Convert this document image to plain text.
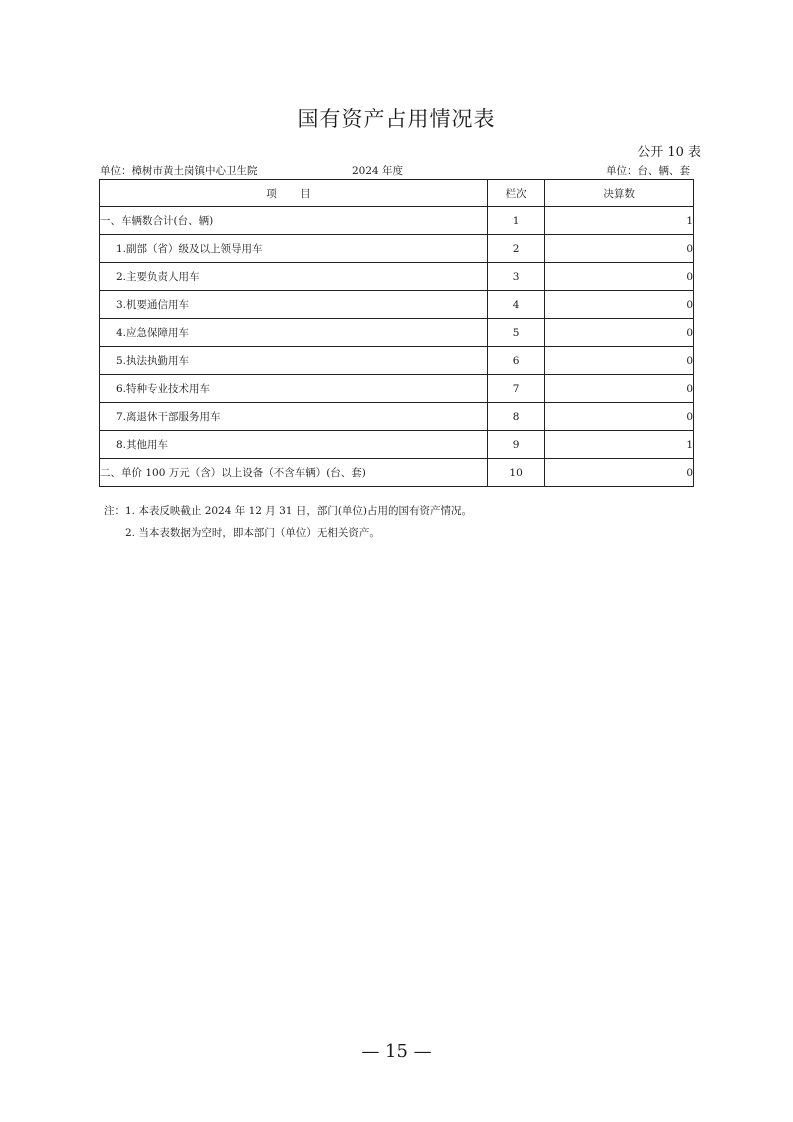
国有资产占用情况表
公开 10 表
单位：樟树市黄土岗镇中心卫生院	2024 年度	单位：台、辆、套
项 目	栏次	决算数
一、车辆数合计(台、辆)	1	1
1.副部（省）级及以上领导用车	2	0
2.主要负责人用车	3	0
3.机要通信用车	4	0
4.应急保障用车	5	0
5.执法执勤用车	6	0
6.特种专业技术用车	7	0
7.离退休干部服务用车	8	0
8.其他用车	9	1
二、单价 100 万元（含）以上设备（不含车辆）(台、套)	10	0
注：1. 本表反映截止 2024 年 12 月 31 日，部门(单位)占用的国有资产情况。
2. 当本表数据为空时，即本部门（单位）无相关资产。
— 15 —
